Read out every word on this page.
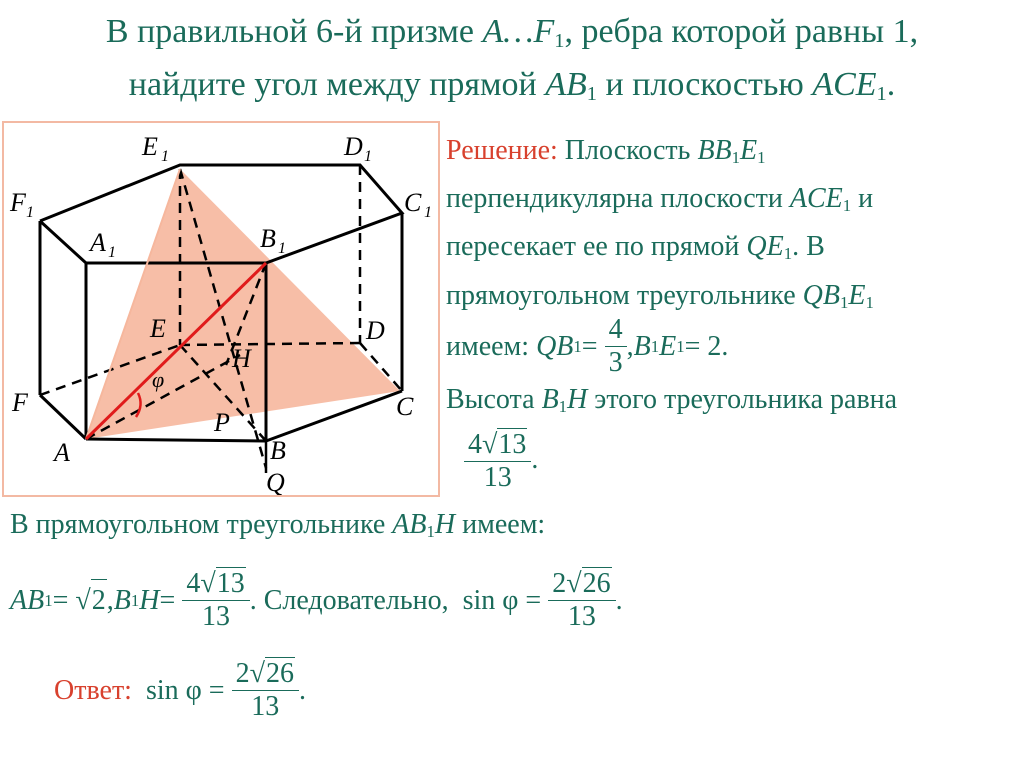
В правильной 6-й призме $A\dots F_1$, ребра которой равны 1,
найдите угол между прямой $AB_1$ и плоскостью $ACE_1$.
E 1	D 1
F 1	C 1
A 1	B 1
E	D
H
F	C
P
A	B
Q
φ
Решение: Плоскость $BB_1E_1$
перпендикулярна плоскости $ACE_1$ и
пересекает ее по прямой $QE_1$. В
прямоугольном треугольнике $QB_1E_1$
имеем:
QB 1 =
$\frac{4}{3}$ , B 1 E 1 = 2.
Высота $B_1H$ этого треугольника равна
$\frac{4√13}{13}$ .
В прямоугольном треугольнике $AB_1H$ имеем:
AB 1 = √ 2 , B 1 H =
$\frac{4√13}{13}$ . Следовательно,
sin φ =
$\frac{2√26}{13}$ .
Ответ:
sin φ =
$\frac{2√26}{13}$ .
